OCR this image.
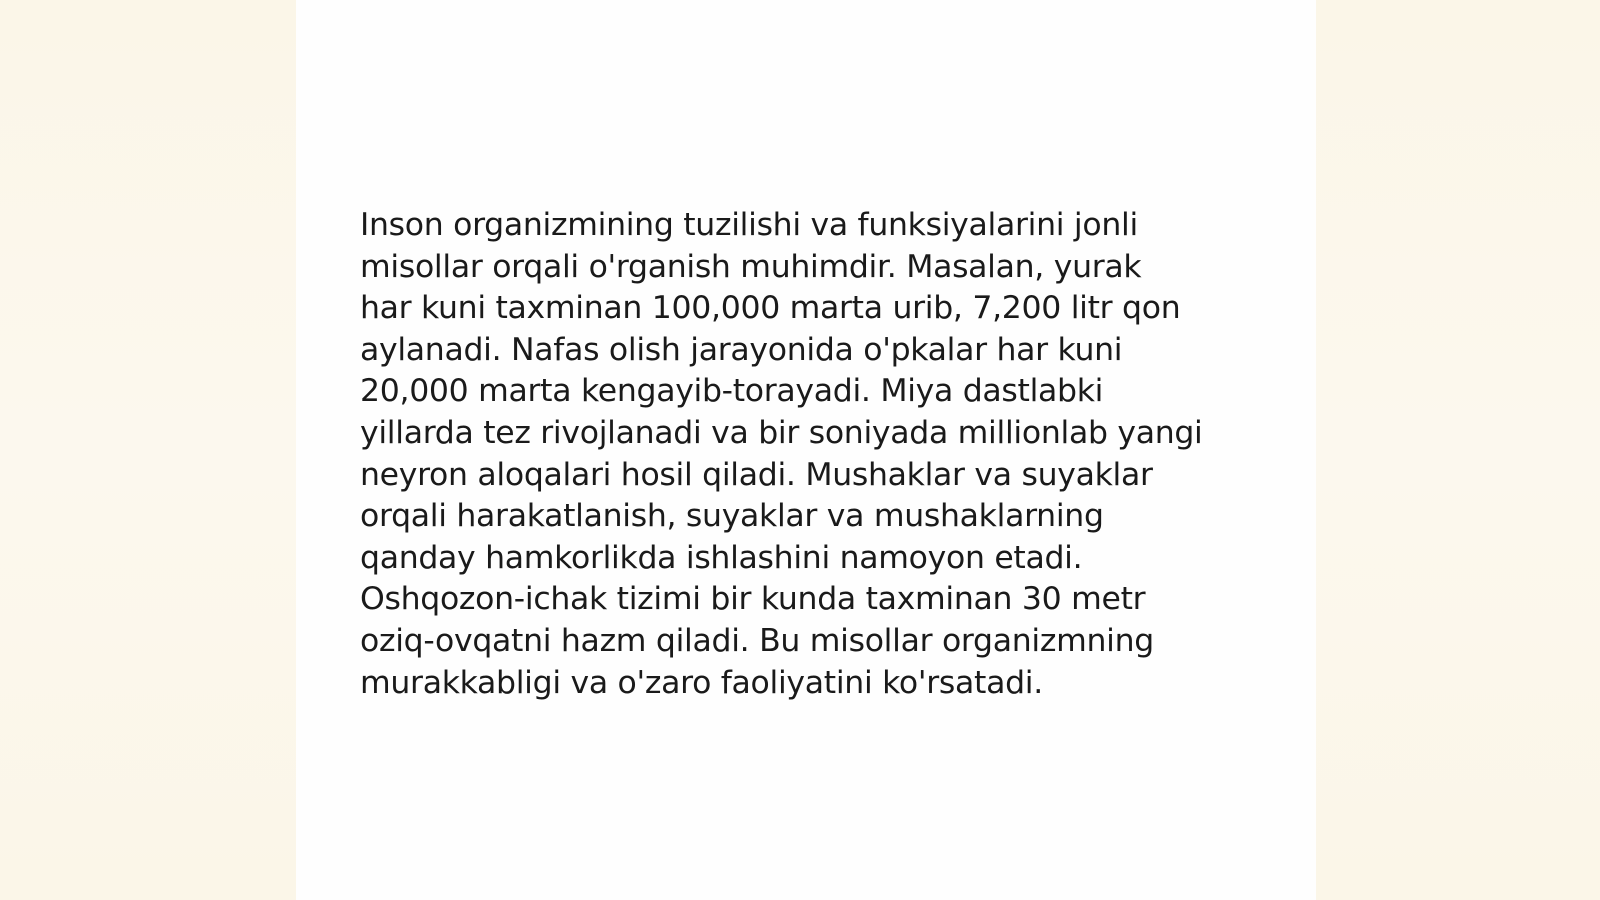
Inson organizmining tuzilishi va funksiyalarini jonli
misollar orqali o'rganish muhimdir. Masalan, yurak
har kuni taxminan 100,000 marta urib, 7,200 litr qon
aylanadi. Nafas olish jarayonida o'pkalar har kuni
20,000 marta kengayib-torayadi. Miya dastlabki
yillarda tez rivojlanadi va bir soniyada millionlab yangi
neyron aloqalari hosil qiladi. Mushaklar va suyaklar
orqali harakatlanish, suyaklar va mushaklarning
qanday hamkorlikda ishlashini namoyon etadi.
Oshqozon-ichak tizimi bir kunda taxminan 30 metr
oziq-ovqatni hazm qiladi. Bu misollar organizmning
murakkabligi va o'zaro faoliyatini ko'rsatadi.
